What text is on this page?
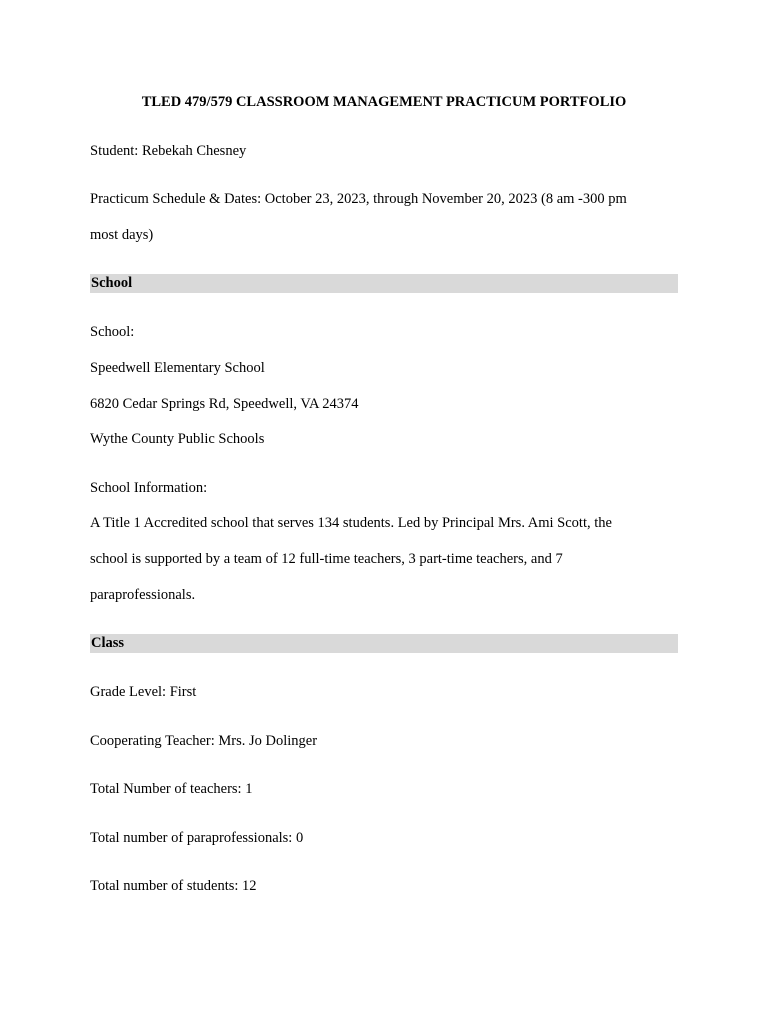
TLED 479/579 CLASSROOM MANAGEMENT PRACTICUM PORTFOLIO
Student: Rebekah Chesney
Practicum Schedule & Dates: October 23, 2023, through November 20, 2023 (8 am -300 pm
most days)
School
School:
Speedwell Elementary School
6820 Cedar Springs Rd, Speedwell, VA 24374
Wythe County Public Schools
School Information:
A Title 1 Accredited school that serves 134 students. Led by Principal Mrs. Ami Scott, the
school is supported by a team of 12 full-time teachers, 3 part-time teachers, and 7
paraprofessionals.
Class
Grade Level: First
Cooperating Teacher: Mrs. Jo Dolinger
Total Number of teachers: 1
Total number of paraprofessionals: 0
Total number of students: 12
